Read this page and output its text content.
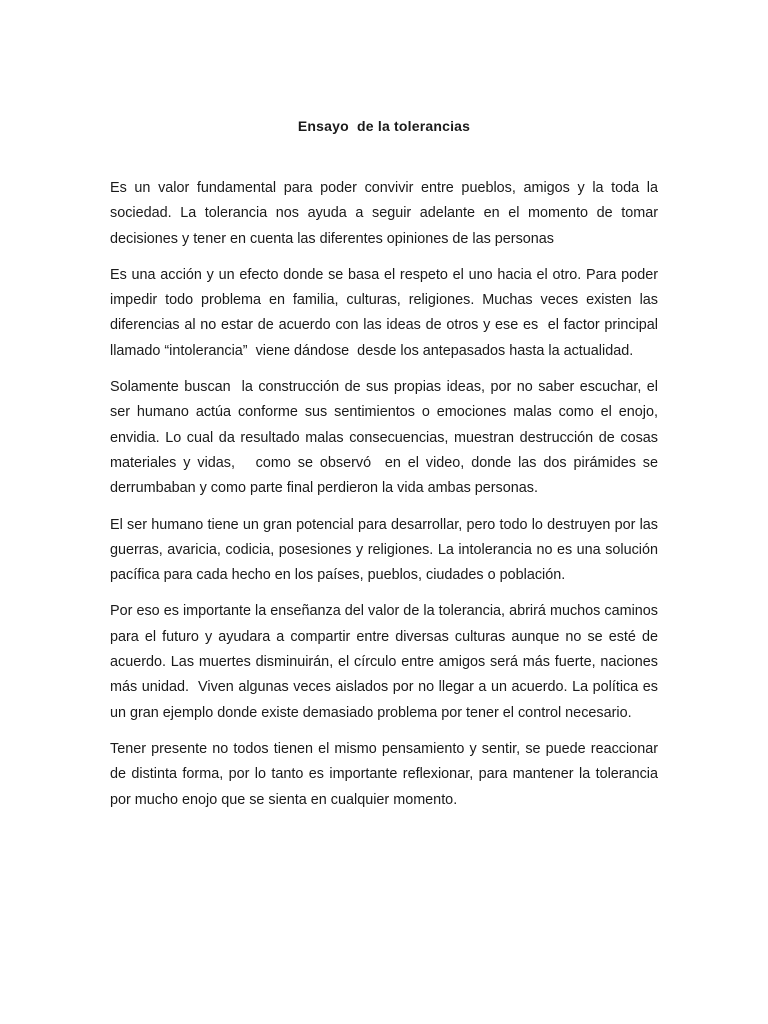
Ensayo  de la tolerancias

Es un valor fundamental para poder convivir entre pueblos, amigos y la toda la sociedad. La tolerancia nos ayuda a seguir adelante en el momento de tomar decisiones y tener en cuenta las diferentes opiniones de las personas

Es una acción y un efecto donde se basa el respeto el uno hacia el otro. Para poder impedir todo problema en familia, culturas, religiones. Muchas veces existen las diferencias al no estar de acuerdo con las ideas de otros y ese es  el factor principal llamado “intolerancia”  viene dándose  desde los antepasados hasta la actualidad.

Solamente buscan  la construcción de sus propias ideas, por no saber escuchar, el ser humano actúa conforme sus sentimientos o emociones malas como el enojo, envidia. Lo cual da resultado malas consecuencias, muestran destrucción de cosas materiales y vidas,   como se observó  en el video, donde las dos pirámides se derrumbaban y como parte final perdieron la vida ambas personas.

El ser humano tiene un gran potencial para desarrollar, pero todo lo destruyen por las guerras, avaricia, codicia, posesiones y religiones. La intolerancia no es una solución pacífica para cada hecho en los países, pueblos, ciudades o población.

Por eso es importante la enseñanza del valor de la tolerancia, abrirá muchos caminos para el futuro y ayudara a compartir entre diversas culturas aunque no se esté de acuerdo. Las muertes disminuirán, el círculo entre amigos será más fuerte, naciones más unidad.  Viven algunas veces aislados por no llegar a un acuerdo. La política es un gran ejemplo donde existe demasiado problema por tener el control necesario.

Tener presente no todos tienen el mismo pensamiento y sentir, se puede reaccionar de distinta forma, por lo tanto es importante reflexionar, para mantener la tolerancia por mucho enojo que se sienta en cualquier momento.
